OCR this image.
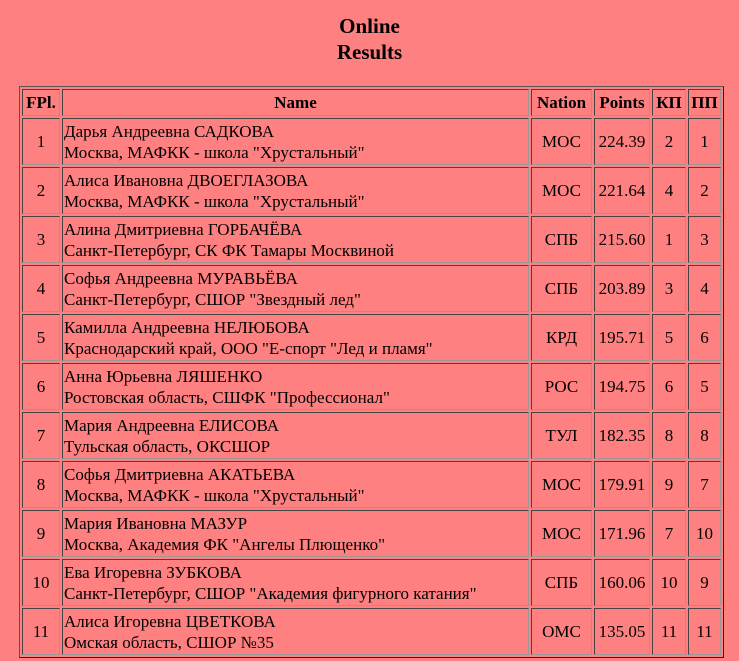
Online
Results
FPl.	Name	Nation	Points	КП	ПП
1	Дарья Андреевна САДКОВА
Москва, МАФКК - школа "Хрустальный"	МОС	224.39	2	1
2	Алиса Ивановна ДВОЕГЛАЗОВА
Москва, МАФКК - школа "Хрустальный"	МОС	221.64	4	2
3	Алина Дмитриевна ГОРБАЧЁВА
Санкт-Петербург, СК ФК Тамары Москвиной	СПБ	215.60	1	3
4	Софья Андреевна МУРАВЬЁВА
Санкт-Петербург, СШОР "Звездный лед"	СПБ	203.89	3	4
5	Камилла Андреевна НЕЛЮБОВА
Краснодарский край, ООО "Е-спорт "Лед и пламя"	КРД	195.71	5	6
6	Анна Юрьевна ЛЯШЕНКО
Ростовская область, СШФК "Профессионал"	РОС	194.75	6	5
7	Мария Андреевна ЕЛИСОВА
Тульская область, ОКСШОР	ТУЛ	182.35	8	8
8	Софья Дмитриевна АКАТЬЕВА
Москва, МАФКК - школа "Хрустальный"	МОС	179.91	9	7
9	Мария Ивановна МАЗУР
Москва, Академия ФК "Ангелы Плющенко"	МОС	171.96	7	10
10	Ева Игоревна ЗУБКОВА
Санкт-Петербург, СШОР "Академия фигурного катания"	СПБ	160.06	10	9
11	Алиса Игоревна ЦВЕТКОВА
Омская область, СШОР №35	ОМС	135.05	11	11
